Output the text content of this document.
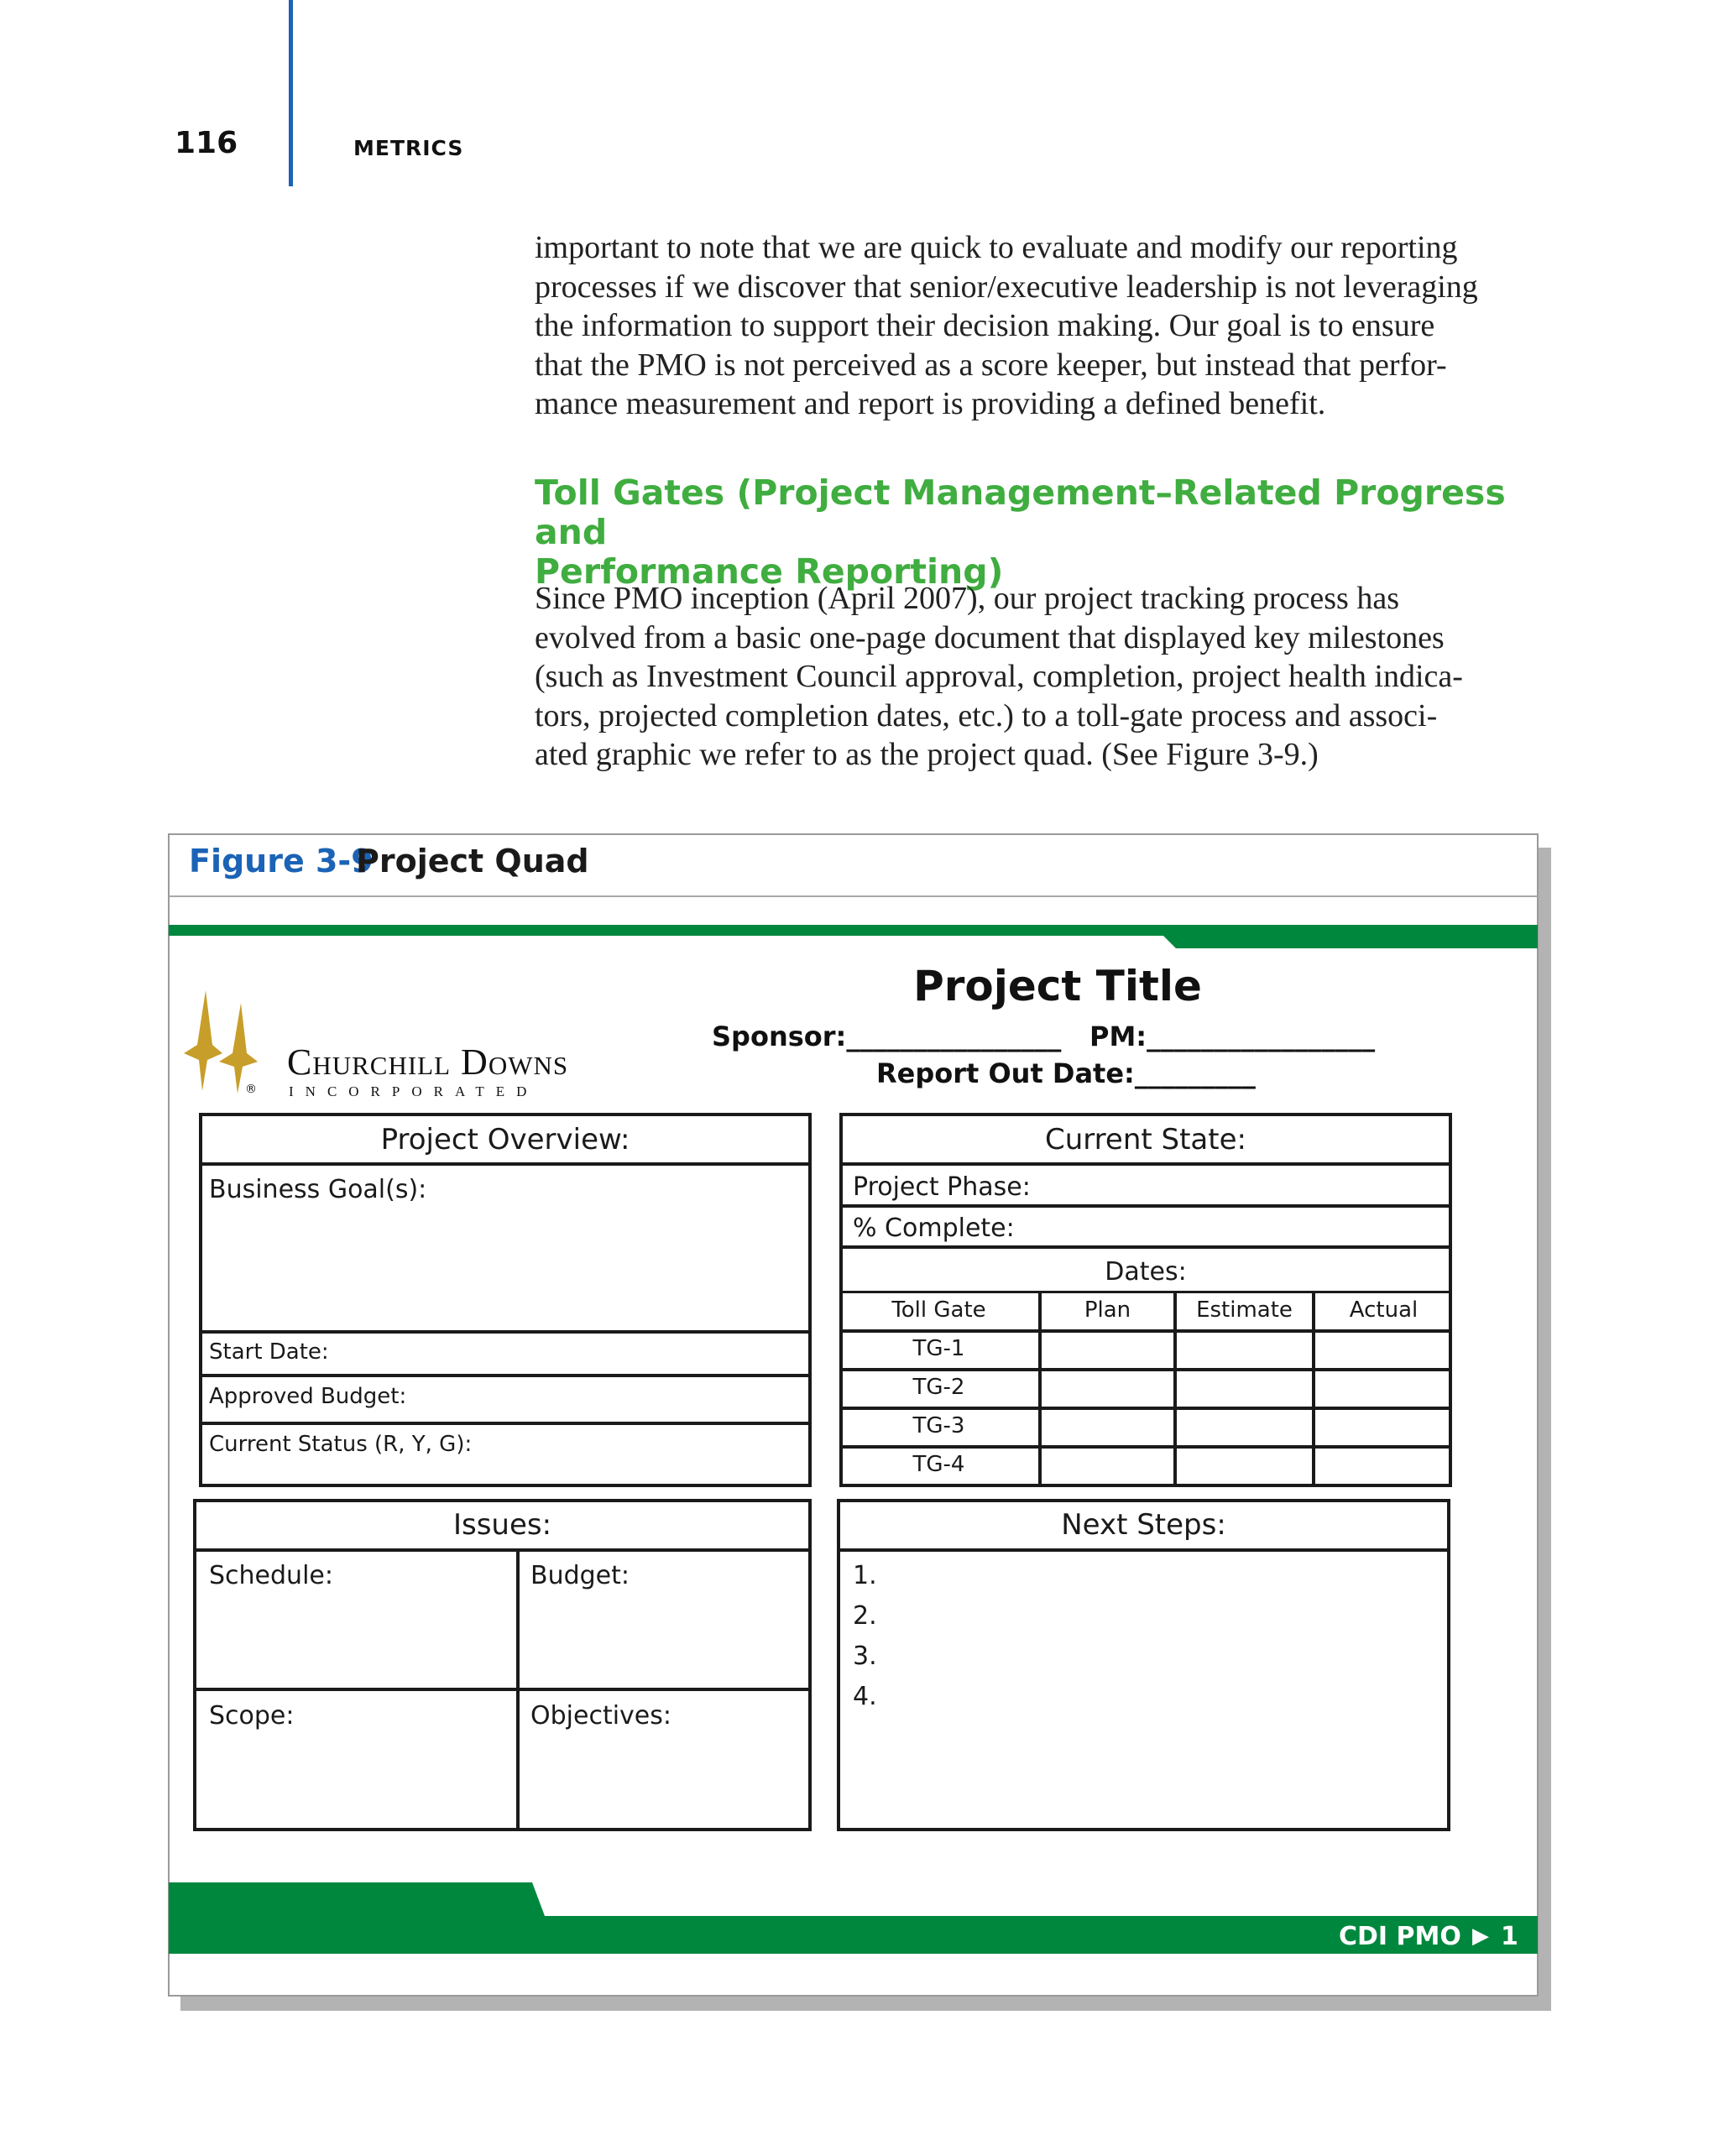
116	METRICS
important to note that we are quick to evaluate and modify our reporting
processes if we discover that senior/executive leadership is not leveraging
the information to support their decision making. Our goal is to ensure
that the PMO is not perceived as a score keeper, but instead that perfor-
mance measurement and report is providing a defined benefit.
Toll Gates (Project Management–Related Progress and
Performance Reporting)
Since PMO inception (April 2007), our project tracking process has
evolved from a basic one-page document that displayed key milestones
(such as Investment Council approval, completion, project health indica-
tors, projected completion dates, etc.) to a toll-gate process and associ-
ated graphic we refer to as the project quad. (See Figure 3-9.)
Figure 3-9
Project Quad
®
Churchill Downs
INCORPORATED
Project Title
Sponsor:________________ PM:_________________
Report Out Date:_________
Project Overview:
Business Goal(s):
Start Date:
Approved Budget:
Current Status (R, Y, G):
Current State:
Project Phase:
% Complete:
Dates:
Toll Gate	Plan	Estimate	Actual
TG-1
TG-2
TG-3
TG-4
Issues:
Schedule:	Budget:
Scope:	Objectives:
Next Steps:
1.
2.
3.
4.
CDI PMO ▶ 1
